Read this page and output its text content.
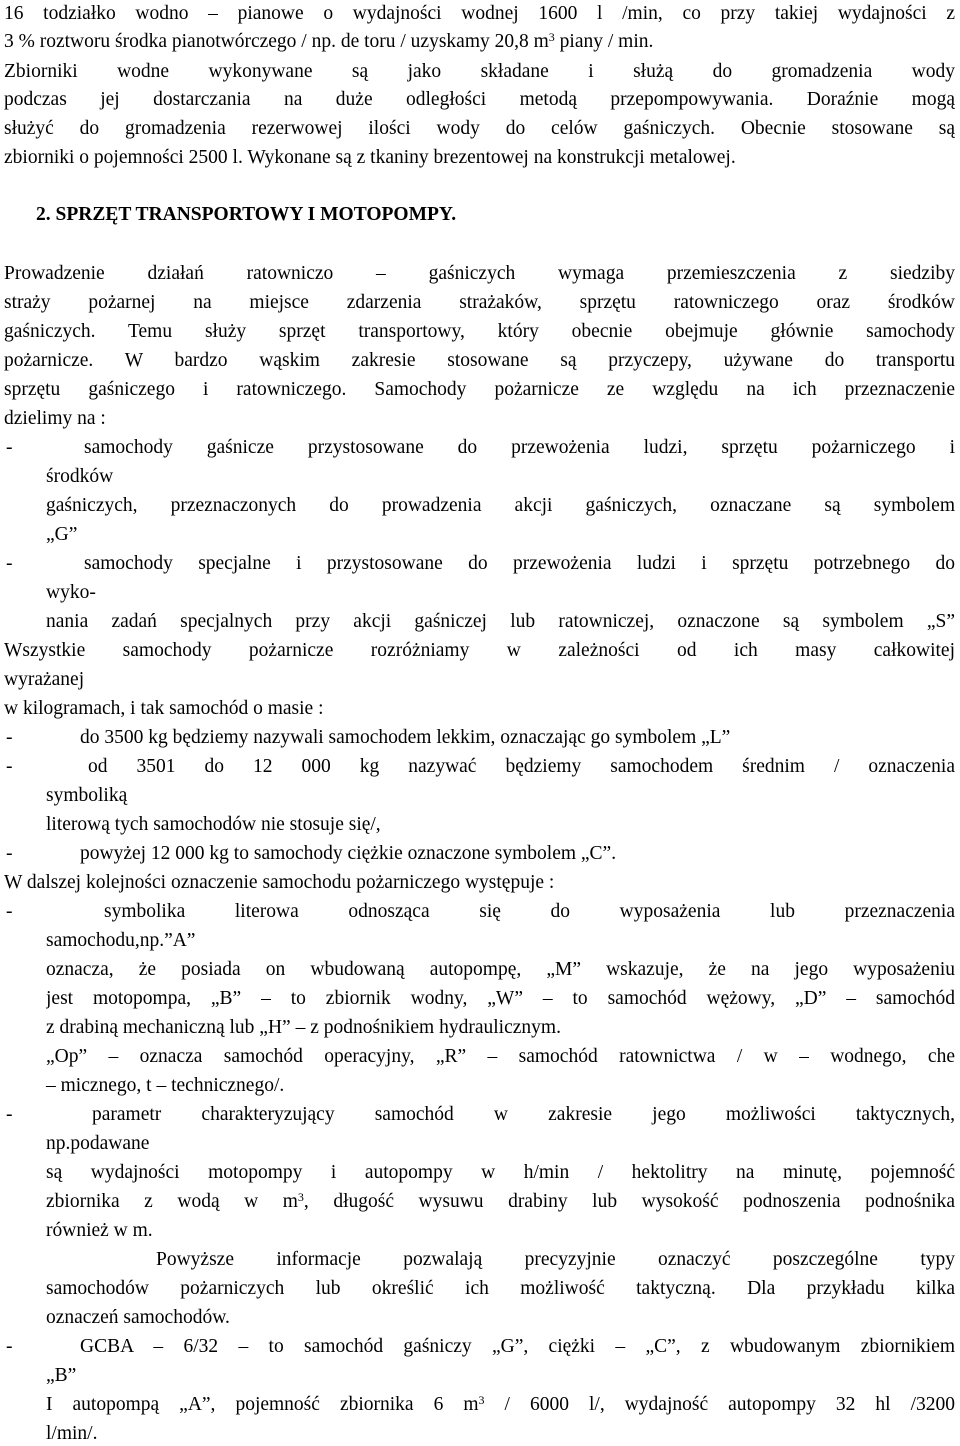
16 todziałko wodno – pianowe o wydajności wodnej 1600 l /min, co przy takiej wydajności z
3 % roztworu środka pianotwórczego / np. de toru / uzyskamy 20,8 $m^3$ piany / min.
Zbiorniki wodne wykonywane są jako składane i służą do gromadzenia wody
podczas jej dostarczania na duże odległości metodą przepompowywania. Doraźnie mogą
służyć do gromadzenia rezerwowej ilości wody do celów gaśniczych. Obecnie stosowane są
zbiorniki o pojemności 2500 l. Wykonane są z tkaniny brezentowej na konstrukcji metalowej.
2. SPRZĘT TRANSPORTOWY I MOTOPOMPY.
Prowadzenie działań ratowniczo – gaśniczych wymaga przemieszczenia z siedziby
straży pożarnej na miejsce zdarzenia strażaków, sprzętu ratowniczego oraz środków
gaśniczych. Temu służy sprzęt transportowy, który obecnie obejmuje głównie samochody
pożarnicze. W bardzo wąskim zakresie stosowane są przyczepy, używane do transportu
sprzętu gaśniczego i ratowniczego. Samochody pożarnicze ze względu na ich przeznaczenie
dzielimy na :
samochody gaśnicze przystosowane do przewożenia ludzi, sprzętu pożarniczego i
-
środków
gaśniczych, przeznaczonych do prowadzenia akcji gaśniczych, oznaczane są symbolem
„G”
samochody specjalne i przystosowane do przewożenia ludzi i sprzętu potrzebnego do
-
wyko-
nania zadań specjalnych przy akcji gaśniczej lub ratowniczej, oznaczone są symbolem „S”
Wszystkie samochody pożarnicze rozróżniamy w zależności od ich masy całkowitej
wyrażanej
w kilogramach, i tak samochód o masie :
do 3500 kg będziemy nazywali samochodem lekkim, oznaczając go symbolem „L”
-
od 3501 do 12 000 kg nazywać będziemy samochodem średnim / oznaczenia
-
symboliką
literową tych samochodów nie stosuje się/,
powyżej 12 000 kg to samochody ciężkie oznaczone symbolem „C”.
-
W dalszej kolejności oznaczenie samochodu pożarniczego występuje :
symbolika literowa odnosząca się do wyposażenia lub przeznaczenia
-
samochodu,np.”A”
oznacza, że posiada on wbudowaną autopompę, „M” wskazuje, że na jego wyposażeniu
jest motopompa, „B” – to zbiornik wodny, „W” – to samochód wężowy, „D” – samochód
z drabiną mechaniczną lub „H” – z podnośnikiem hydraulicznym.
„Op” – oznacza samochód operacyjny, „R” – samochód ratownictwa / w – wodnego, che
– micznego, t – technicznego/.
parametr charakteryzujący samochód w zakresie jego możliwości taktycznych,
-
np.podawane
są wydajności motopompy i autopompy w h/min / hektolitry na minutę, pojemność
zbiornika z wodą w $m^3$, długość wysuwu drabiny lub wysokość podnoszenia podnośnika
również w m.
Powyższe informacje pozwalają precyzyjnie oznaczyć poszczególne typy
samochodów pożarniczych lub określić ich możliwość taktyczną. Dla przykładu kilka
oznaczeń samochodów.
GCBA – 6/32 – to samochód gaśniczy „G”, ciężki – „C”, z wbudowanym zbiornikiem
-
„B”
I autopompą „A”, pojemność zbiornika 6 $m^3 / 6000$ l/, wydajność autopompy 32 hl /3200
l/min/.
